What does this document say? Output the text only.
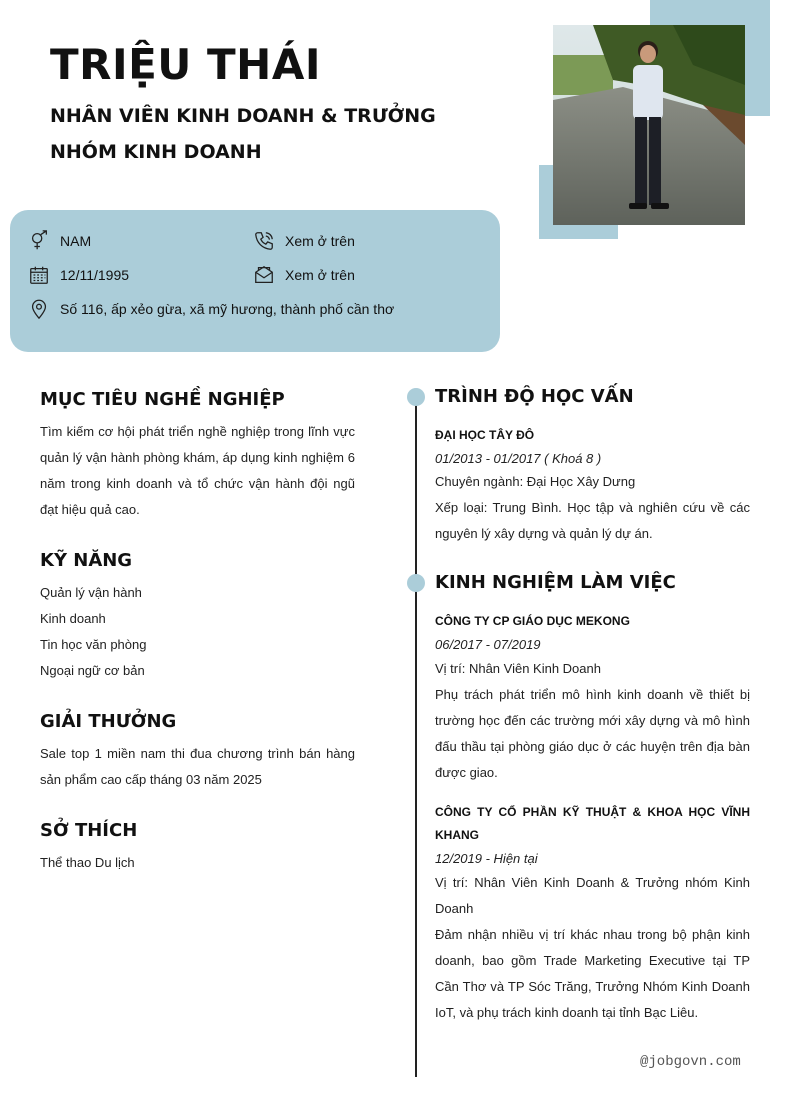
TRIỆU THÁI
NHÂN VIÊN KINH DOANH & TRƯỞNG NHÓM KINH DOANH
NAM	Xem ở trên
12/11/1995	Xem ở trên
Số 116, ấp xẻo gừa, xã mỹ hương, thành phố cần thơ
MỤC TIÊU NGHỀ NGHIỆP
Tìm kiếm cơ hội phát triển nghề nghiệp trong lĩnh vực quản lý vận hành phòng khám, áp dụng kinh nghiệm 6 năm trong kinh doanh và tổ chức vận hành đội ngũ đạt hiệu quả cao.
KỸ NĂNG
Quản lý vận hành
Kinh doanh
Tin học văn phòng
Ngoại ngữ cơ bản
GIẢI THƯỞNG
Sale top 1 miền nam thi đua chương trình bán hàng sản phẩm cao cấp tháng 03 năm 2025
SỞ THÍCH
Thể thao Du lịch
TRÌNH ĐỘ HỌC VẤN
ĐẠI HỌC TÂY ĐÔ
01/2013 - 01/2017 ( Khoá 8 )
Chuyên ngành: Đại Học Xây Dưng
Xếp loại: Trung Bình. Học tập và nghiên cứu về các nguyên lý xây dựng và quản lý dự án.
KINH NGHIỆM LÀM VIỆC
CÔNG TY CP GIÁO DỤC MEKONG
06/2017 - 07/2019
Vị trí: Nhân Viên Kinh Doanh
Phụ trách phát triển mô hình kinh doanh về thiết bị trường học đến các trường mới xây dựng và mô hình đấu thầu tại phòng giáo dục ở các huyện trên địa bàn được giao.
CÔNG TY CỔ PHẦN KỸ THUẬT & KHOA HỌC VĨNH KHANG
12/2019 - Hiện tại
Vị trí: Nhân Viên Kinh Doanh & Trưởng nhóm Kinh Doanh
Đảm nhận nhiều vị trí khác nhau trong bộ phận kinh doanh, bao gồm Trade Marketing Executive tại TP Cần Thơ và TP Sóc Trăng, Trưởng Nhóm Kinh Doanh IoT, và phụ trách kinh doanh tại tỉnh Bạc Liêu.
@jobgovn.com
